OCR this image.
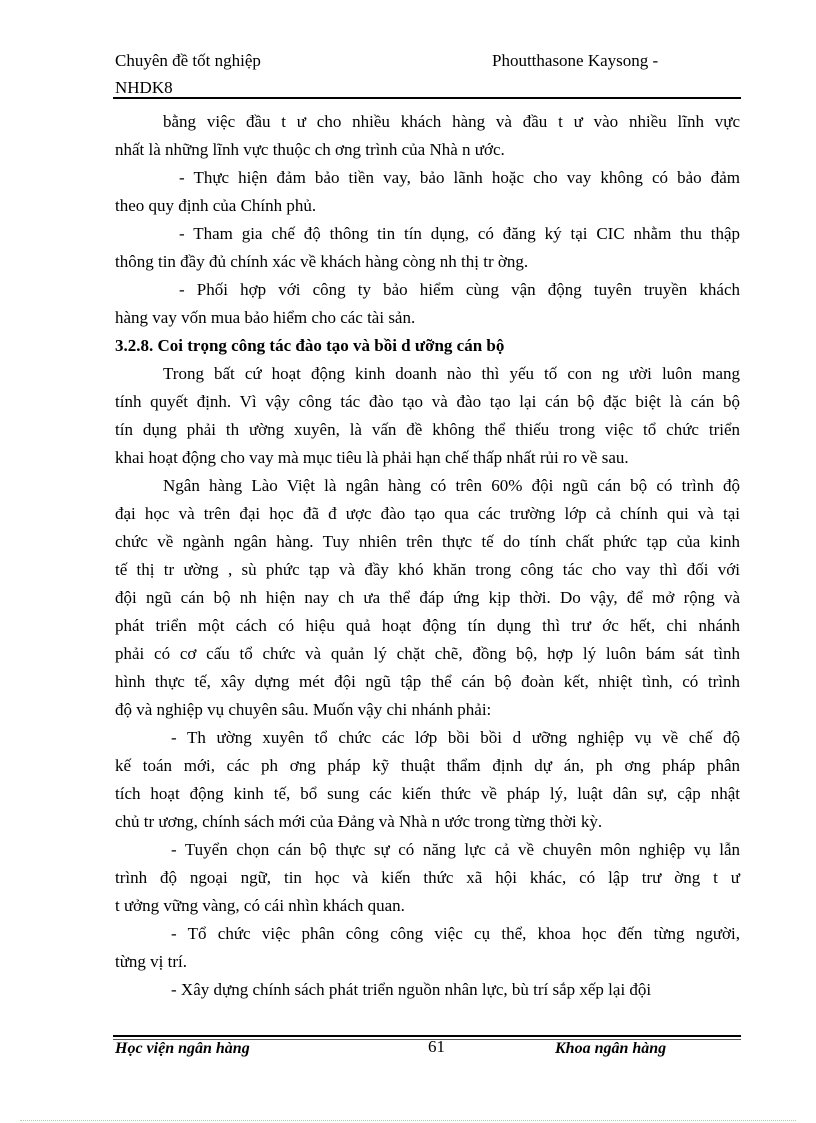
Chuyên đề tốt nghiệp	Phoutthasone Kaysong -
NHDK8
bằng việc đầu t ư cho nhiều khách hàng và đầu t ư vào nhiều lĩnh vực
nhất là những lĩnh vực thuộc ch ơng trình của Nhà n ước.
- Thực hiện đảm bảo tiền vay, bảo lãnh hoặc cho vay không có bảo đảm
theo quy định của Chính phủ.
- Tham gia chế độ thông tin tín dụng, có đăng ký tại CIC nhằm thu thập
thông tin đầy đủ chính xác về khách hàng còng nh thị tr ờng.
- Phối hợp với công ty bảo hiểm cùng vận động tuyên truyền khách
hàng vay vốn mua bảo hiểm cho các tài sản.
3.2.8. Coi trọng công tác đào tạo và bồi d ưỡng cán bộ
Trong bất cứ hoạt động kinh doanh nào thì yếu tố con ng ười luôn mang
tính quyết định. Vì vậy công tác đào tạo và đào tạo lại cán bộ đặc biệt là cán bộ
tín dụng phải th ường xuyên, là vấn đề không thể thiếu trong việc tổ chức triển
khai hoạt động cho vay mà mục tiêu là phải hạn chế thấp nhất rủi ro về sau.
Ngân hàng Lào Việt là ngân hàng có trên 60% đội ngũ cán bộ có trình độ
đại học và trên đại học đã đ ược đào tạo qua các trường lớp cả chính qui và tại
chức về ngành ngân hàng. Tuy nhiên trên thực tế do tính chất phức tạp của kinh
tế thị tr ường , sù phức tạp và đầy khó khăn trong công tác cho vay thì đối với
đội ngũ cán bộ nh hiện nay ch ưa thể đáp ứng kịp thời. Do vậy, để mở rộng và
phát triển một cách có hiệu quả hoạt động tín dụng thì trư ớc hết, chi nhánh
phải có cơ cấu tổ chức và quản lý chặt chẽ, đồng bộ, hợp lý luôn bám sát tình
hình thực tế, xây dựng mét đội ngũ tập thể cán bộ đoàn kết, nhiệt tình, có trình
độ và nghiệp vụ chuyên sâu. Muốn vậy chi nhánh phải:
- Th ường xuyên tổ chức các lớp bồi bồi d ưỡng nghiệp vụ về chế độ
kế toán mới, các ph ơng pháp kỹ thuật thẩm định dự án, ph ơng pháp phân
tích hoạt động kinh tế, bổ sung các kiến thức về pháp lý, luật dân sự, cập nhật
chủ tr ương, chính sách mới của Đảng và Nhà n ước trong từng thời kỳ.
- Tuyển chọn cán bộ thực sự có năng lực cả về chuyên môn nghiệp vụ lẫn
trình độ ngoại ngữ, tin học và kiến thức xã hội khác, có lập trư ờng t ư
t ưởng vững vàng, có cái nhìn khách quan.
- Tổ chức việc phân công công việc cụ thể, khoa học đến từng người,
từng vị trí.
- Xây dựng chính sách phát triển nguồn nhân lực, bù trí sắp xếp lại đội
Học viện ngân hàng	61	Khoa ngân hàng
